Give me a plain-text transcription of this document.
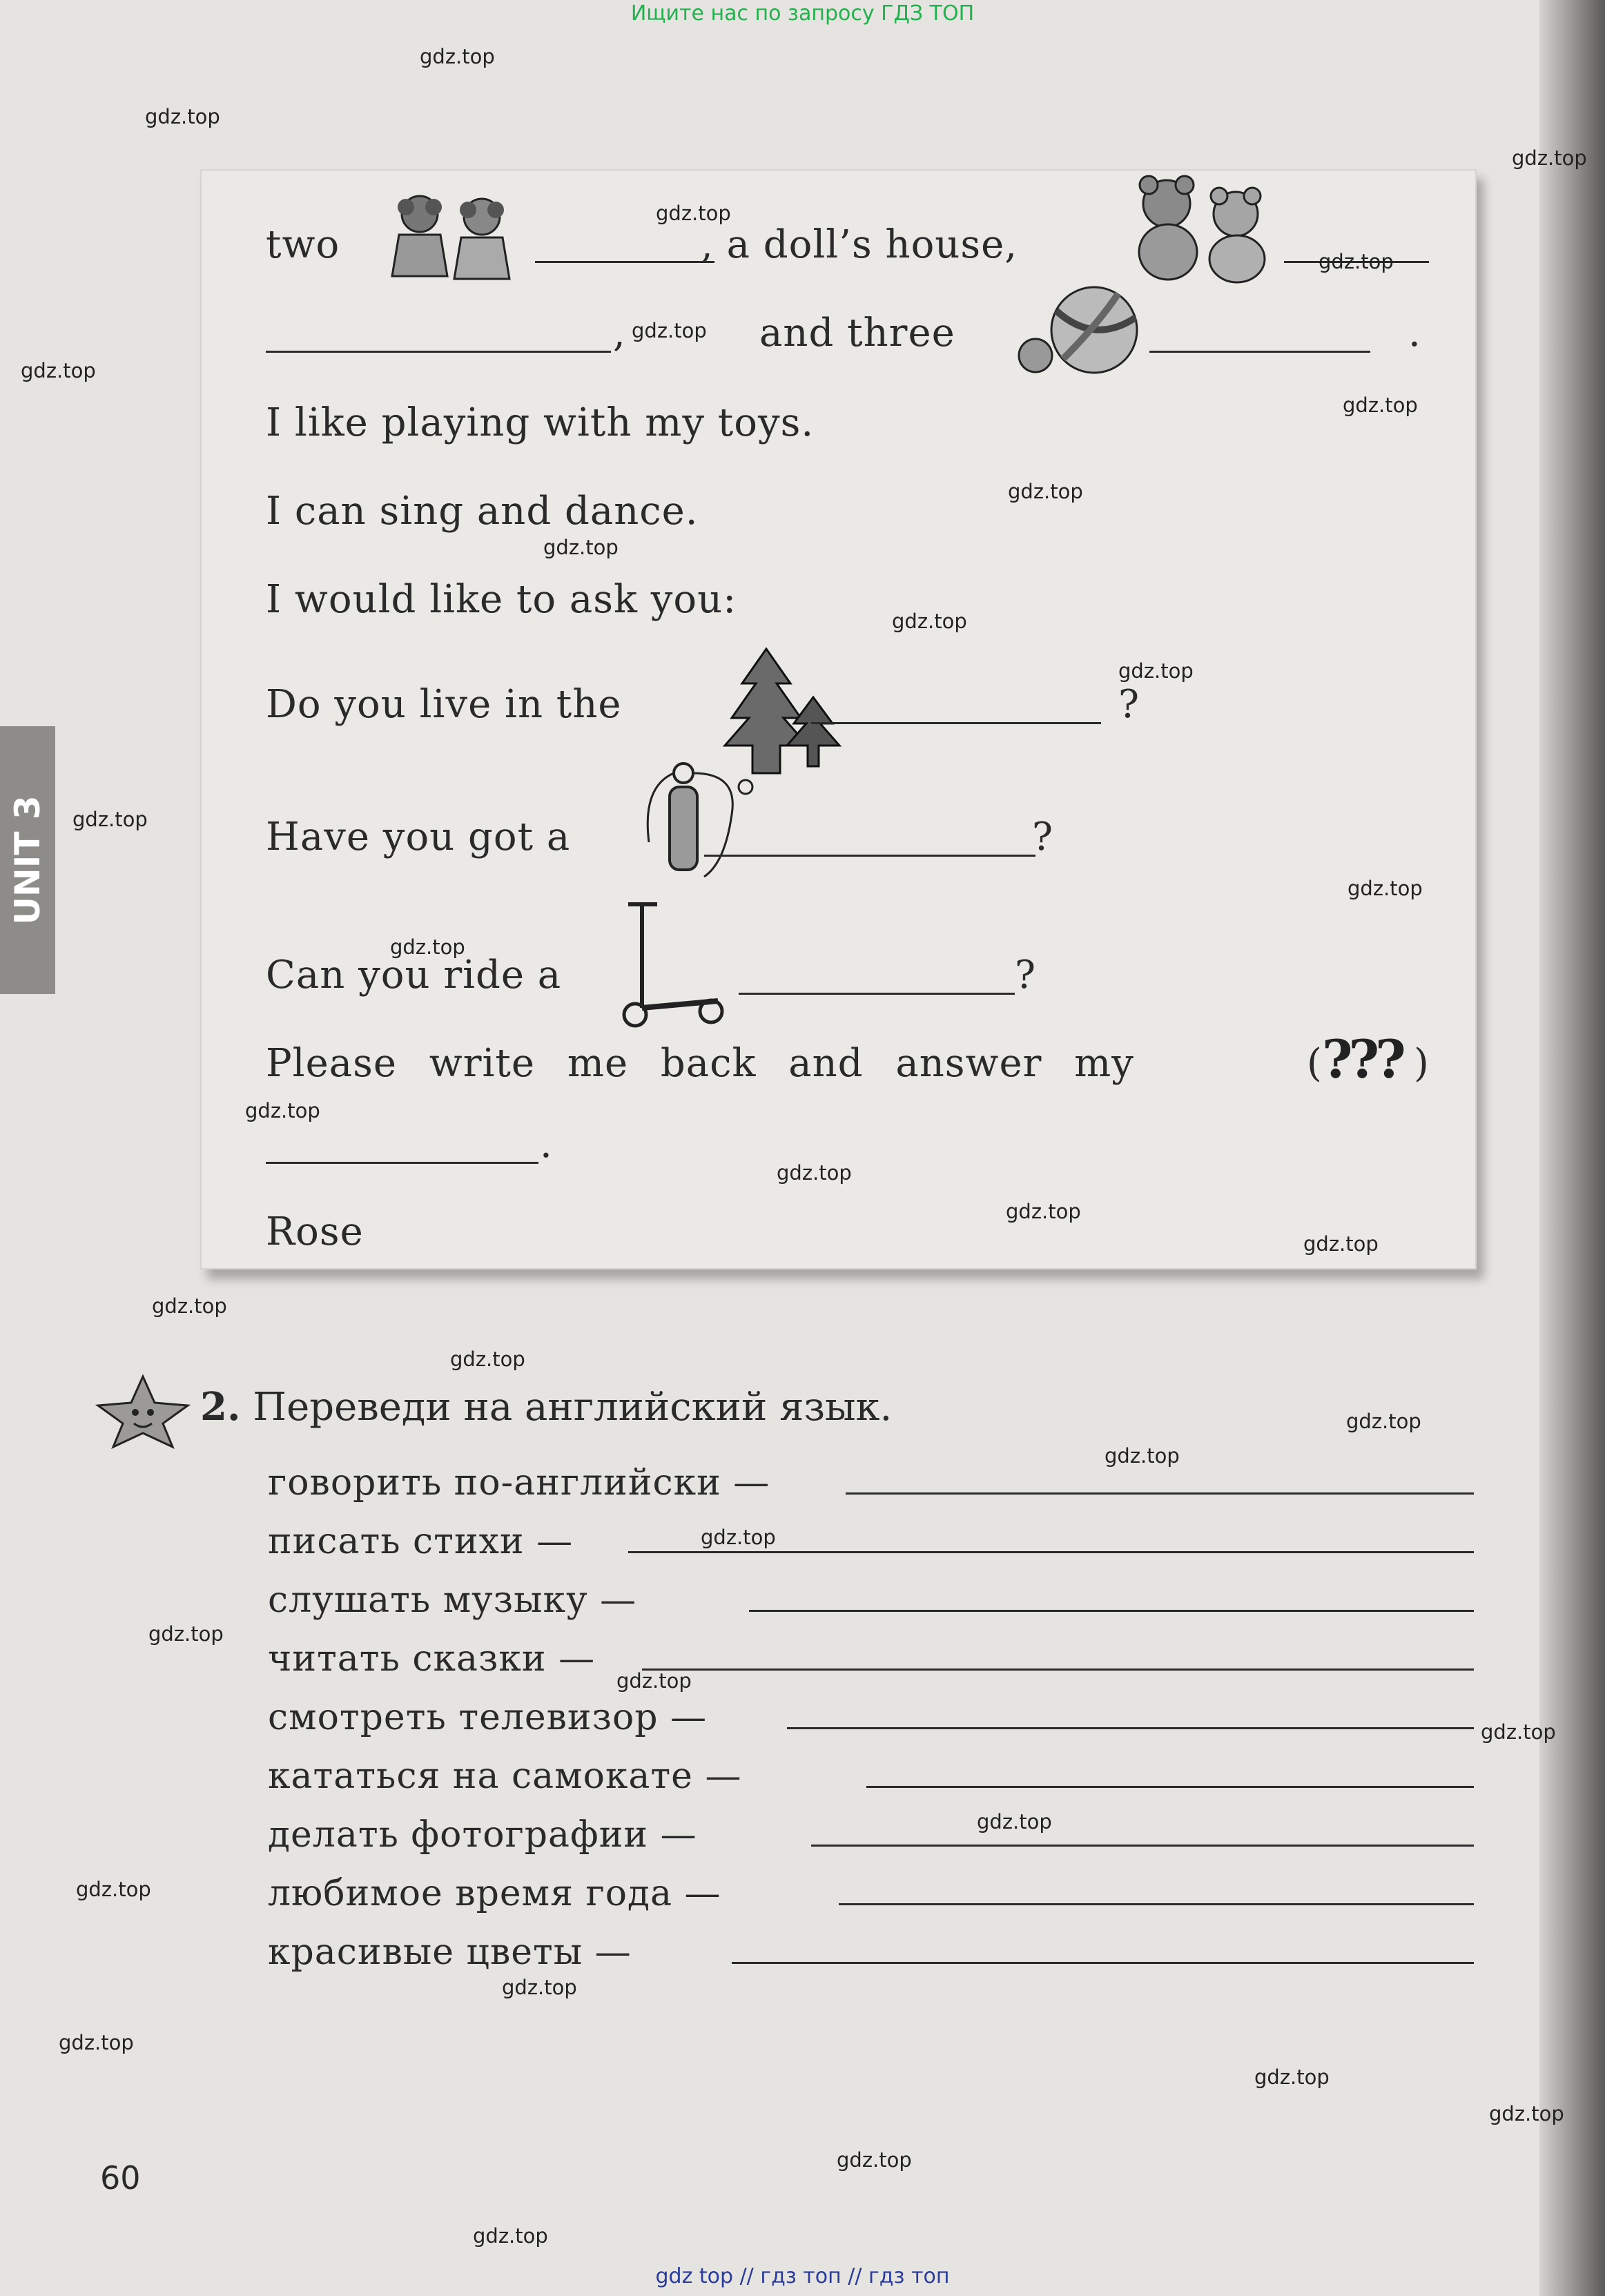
Ищите нас по запросу ГДЗ ТОП
two	, a doll’s house,
,	and three	.
I like playing with my toys.
I can sing and dance.
I would like to ask you:
Do you live in the	?
Have you got a	?
Can you ride a	?
Please write me back and answer my	( ??? )
.
Rose
UNIT 3
2. Переведи на английский язык.
говорить по-английски —
писать стихи —
слушать музыку —
читать сказки —
смотреть телевизор —
кататься на самокате —
делать фотографии —
любимое время года —
красивые цветы —
60
gdz.top
gdz.top
gdz.top
gdz.top
gdz.top
gdz.top
gdz.top
gdz.top
gdz.top
gdz.top
gdz.top
gdz.top
gdz.top
gdz.top
gdz.top
gdz.top
gdz.top
gdz.top
gdz.top
gdz.top
gdz.top
gdz.top
gdz.top
gdz.top
gdz.top
gdz.top
gdz.top
gdz.top
gdz.top
gdz.top
gdz.top
gdz.top
gdz.top
gdz.top
gdz.top
gdz top // гдз топ // гдз топ
